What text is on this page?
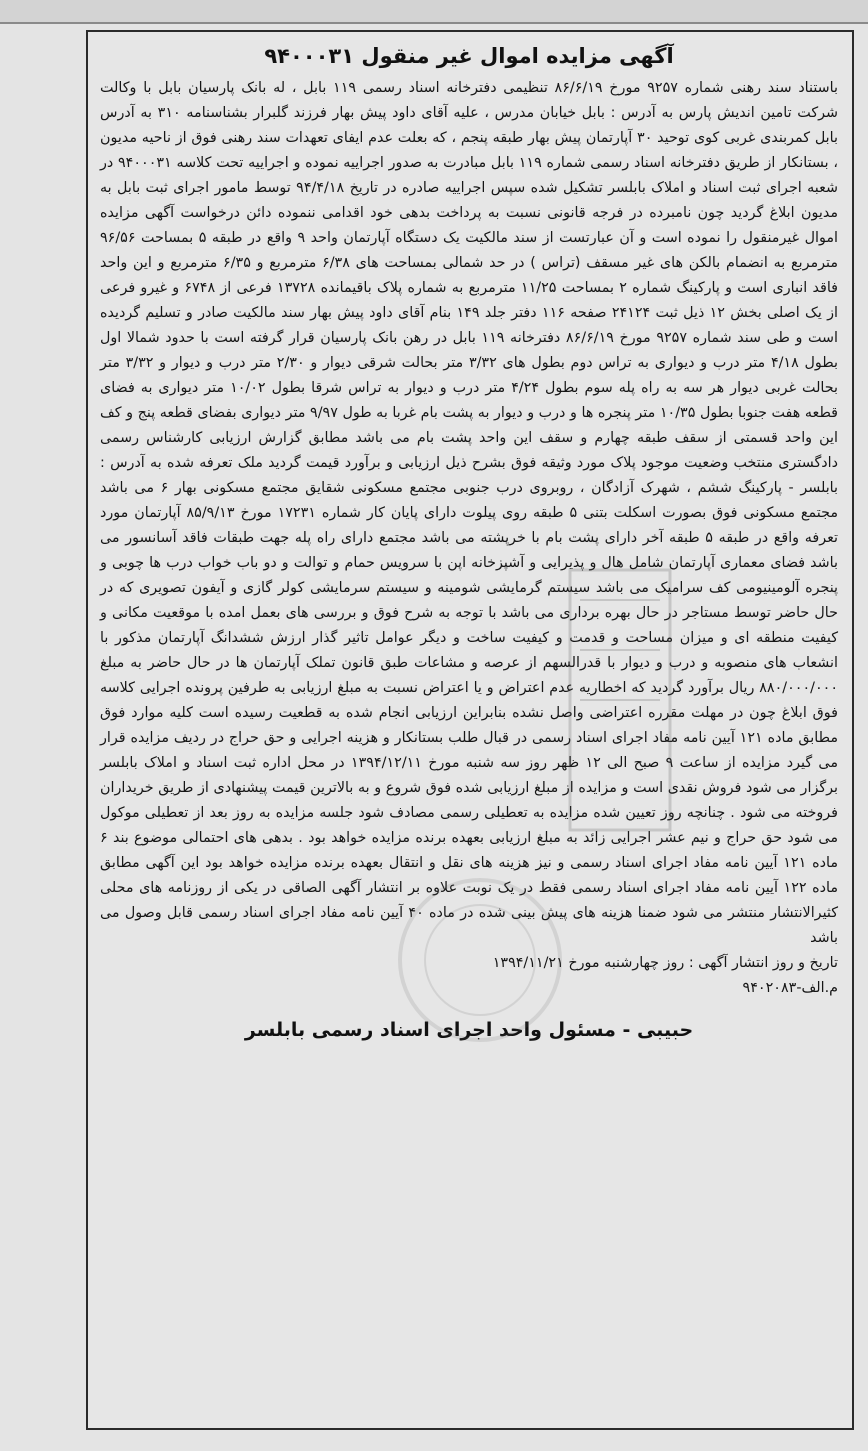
آگهی مزایده اموال غیر منقول ۹۴۰۰۰۳۱

باستناد سند رهنی شماره ۹۲۵۷ مورخ ۸۶/۶/۱۹ تنظیمی دفترخانه اسناد رسمی ۱۱۹ بابل ، له بانک پارسیان بابل با وکالت شرکت تامین اندیش پارس به آدرس : بابل خیابان مدرس ، علیه آقای داود پیش بهار فرزند گلبرار بشناسنامه ۳۱۰ به آدرس بابل کمربندی غربی کوی توحید ۳۰ آپارتمان پیش بهار طبقه پنجم ، که بعلت عدم ایفای تعهدات سند رهنی فوق از ناحیه مدیون ، بستانکار از طریق دفترخانه اسناد رسمی شماره ۱۱۹ بابل مبادرت به صدور اجراییه نموده و اجراییه تحت کلاسه ۹۴۰۰۰۳۱ در شعبه اجرای ثبت اسناد و املاک بابلسر تشکیل شده سپس اجراییه صادره در تاریخ ۹۴/۴/۱۸ توسط مامور اجرای ثبت بابل به مدیون ابلاغ گردید چون نامبرده در فرجه قانونی نسبت به پرداخت بدهی خود اقدامی ننموده دائن درخواست آگهی مزایده اموال غیرمنقول را نموده است و آن عبارتست از سند مالکیت یک دستگاه آپارتمان واحد ۹ واقع در طبقه ۵ بمساحت ۹۶/۵۶ مترمربع به انضمام بالکن های غیر مسقف (تراس ) در حد شمالی بمساحت های ۶/۳۸ مترمربع و ۶/۳۵ مترمربع و این واحد فاقد انباری است و پارکینگ شماره ۲ بمساحت ۱۱/۲۵ مترمربع به شماره پلاک باقیمانده ۱۳۷۲۸ فرعی از ۶۷۴۸ و غیرو فرعی از یک اصلی بخش ۱۲ ذیل ثبت ۲۴۱۲۴ صفحه ۱۱۶ دفتر جلد ۱۴۹ بنام آقای داود پیش بهار سند مالکیت صادر و تسلیم گردیده است و طی سند شماره ۹۲۵۷ مورخ ۸۶/۶/۱۹ دفترخانه ۱۱۹ بابل در رهن بانک پارسیان قرار گرفته است با حدود شمالا اول بطول ۴/۱۸ متر درب و دیواری به تراس دوم بطول های ۳/۳۲ متر بحالت شرقی دیوار و ۲/۳۰ متر درب و دیوار و ۳/۳۲ متر بحالت غربی دیوار هر سه به راه پله سوم بطول ۴/۲۴ متر درب و دیوار به تراس شرقا بطول ۱۰/۰۲ متر دیواری به فضای قطعه هفت جنوبا بطول ۱۰/۳۵ متر پنجره ها و درب و دیوار به پشت بام غربا به طول ۹/۹۷ متر دیواری بفضای قطعه پنج و کف این واحد قسمتی از سقف طبقه چهارم و سقف این واحد پشت بام می باشد مطابق گزارش ارزیابی کارشناس رسمی دادگستری منتخب وضعیت موجود پلاک مورد وثیقه فوق بشرح ذیل ارزیابی و برآورد قیمت گردید ملک تعرفه شده به آدرس : بابلسر - پارکینگ ششم ، شهرک آزادگان ، روبروی درب جنوبی مجتمع مسکونی شقایق مجتمع مسکونی بهار ۶ می باشد مجتمع مسکونی فوق بصورت اسکلت بتنی ۵ طبقه روی پیلوت دارای پایان کار شماره ۱۷۲۳۱ مورخ ۸۵/۹/۱۳ آپارتمان مورد تعرفه واقع در طبقه ۵ طبقه آخر دارای پشت بام با خرپشته می باشد مجتمع دارای راه پله جهت طبقات فاقد آسانسور می باشد فضای معماری آپارتمان شامل هال و پذیرایی و آشپزخانه اپن با سرویس حمام و توالت و دو باب خواب درب ها چوبی و پنجره آلومینیومی کف سرامیک می باشد سیستم گرمایشی شومینه و سیستم سرمایشی کولر گازی و آیفون تصویری که در حال حاضر توسط مستاجر در حال بهره برداری می باشد با توجه به شرح فوق و بررسی های بعمل امده با موقعیت مکانی و کیفیت منطقه ای و میزان مساحت و قدمت و کیفیت ساخت و دیگر عوامل تاثیر گذار ارزش ششدانگ آپارتمان مذکور با انشعاب های منصوبه و درب و دیوار با قدرالسهم از عرصه و مشاعات طبق قانون تملک آپارتمان ها در حال حاضر به مبلغ ۸۸۰/۰۰۰/۰۰۰ ریال برآورد گردید که اخطاریه عدم اعتراض و یا اعتراض نسبت به مبلغ ارزیابی به طرفین پرونده اجرایی کلاسه فوق ابلاغ چون در مهلت مقرره اعتراضی واصل نشده بنابراین ارزیابی انجام شده به قطعیت رسیده است کلیه موارد فوق مطابق ماده ۱۲۱ آیین نامه مفاد اجرای اسناد رسمی در قبال طلب بستانکار و هزینه اجرایی و حق حراج در ردیف مزایده قرار می گیرد مزایده از ساعت ۹ صبح الی ۱۲ ظهر روز سه شنبه مورخ ۱۳۹۴/۱۲/۱۱ در محل اداره ثبت اسناد و املاک بابلسر برگزار می شود فروش نقدی است و مزایده از مبلغ ارزیابی شده فوق شروع و به بالاترین قیمت پیشنهادی از طریق خریداران فروخته می شود . چنانچه روز تعیین شده مزایده به تعطیلی رسمی مصادف شود جلسه مزایده به روز بعد از تعطیلی موکول می شود حق حراج و نیم عشر اجرایی زائد به مبلغ ارزیابی بعهده برنده مزایده خواهد بود . بدهی های احتمالی موضوع بند ۶ ماده ۱۲۱ آیین نامه مفاد اجرای اسناد رسمی و نیز هزینه های نقل و انتقال بعهده برنده مزایده خواهد بود این آگهی مطابق ماده ۱۲۲ آیین نامه مفاد اجرای اسناد رسمی فقط در یک نوبت علاوه بر انتشار آگهی الصاقی در یکی از روزنامه های محلی کثیرالانتشار منتشر می شود ضمنا هزینه های پیش بینی شده در ماده ۴۰ آیین نامه مفاد اجرای اسناد رسمی قابل وصول می باشد

تاریخ و روز انتشار آگهی : روز چهارشنبه مورخ ۱۳۹۴/۱۱/۲۱

م.الف-۹۴۰۲۰۸۳

حبیبی - مسئول واحد اجرای اسناد رسمی بابلسر
